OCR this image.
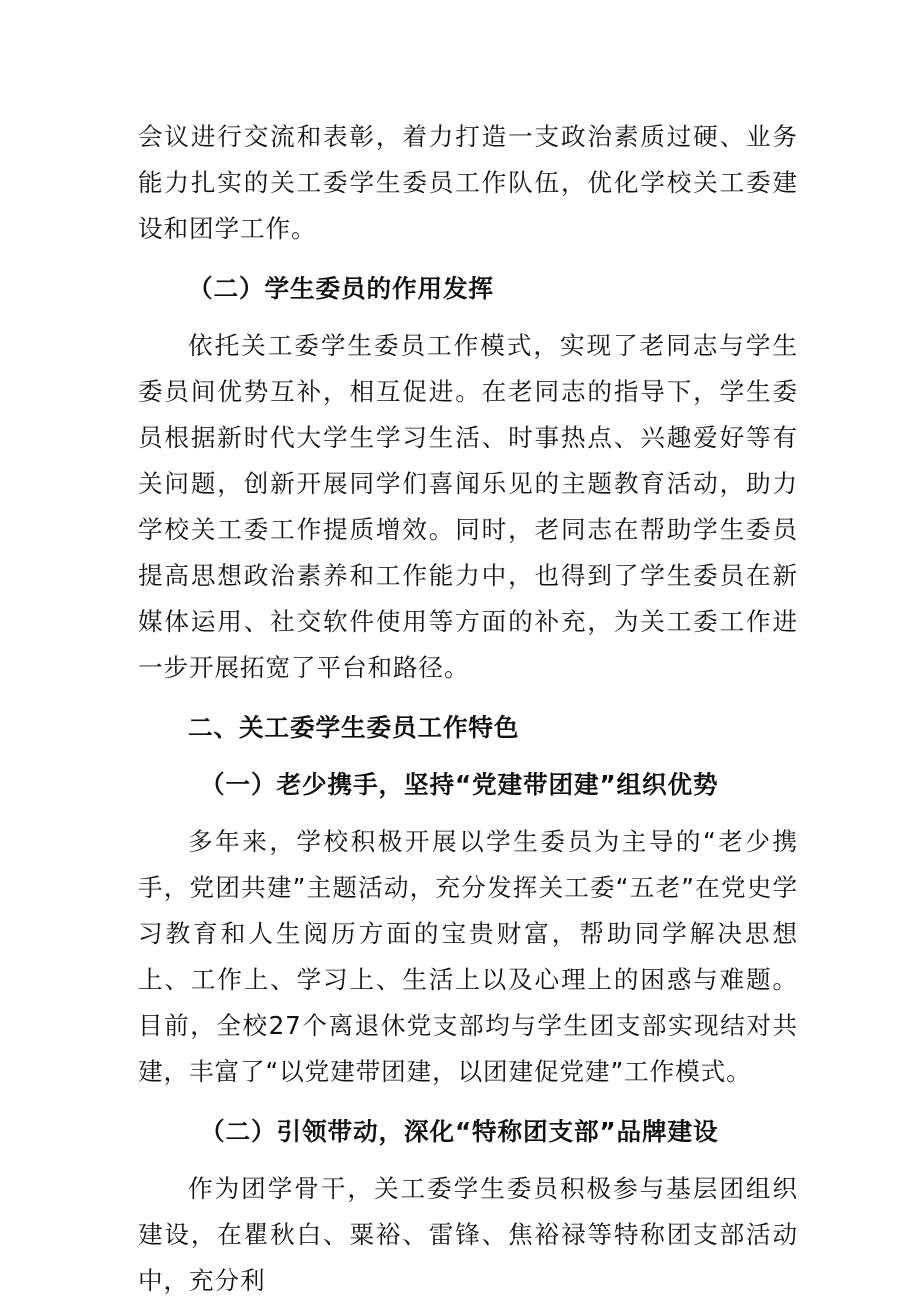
会议进行交流和表彰，着力打造一支政治素质过硬、业务能力扎实的关工委学生委员工作队伍，优化学校关工委建设和团学工作。

（二）学生委员的作用发挥

依托关工委学生委员工作模式，实现了老同志与学生委员间优势互补，相互促进。在老同志的指导下，学生委员根据新时代大学生学习生活、时事热点、兴趣爱好等有关问题，创新开展同学们喜闻乐见的主题教育活动，助力学校关工委工作提质增效。同时，老同志在帮助学生委员提高思想政治素养和工作能力中，也得到了学生委员在新媒体运用、社交软件使用等方面的补充，为关工委工作进一步开展拓宽了平台和路径。

二、关工委学生委员工作特色

（一）老少携手，坚持“党建带团建”组织优势

多年来，学校积极开展以学生委员为主导的“老少携手，党团共建”主题活动，充分发挥关工委“五老”在党史学习教育和人生阅历方面的宝贵财富，帮助同学解决思想上、工作上、学习上、生活上以及心理上的困惑与难题。目前，全校27个离退休党支部均与学生团支部实现结对共建，丰富了“以党建带团建，以团建促党建”工作模式。

（二）引领带动，深化“特称团支部”品牌建设

作为团学骨干，关工委学生委员积极参与基层团组织建设，在瞿秋白、粟裕、雷锋、焦裕禄等特称团支部活动中，充分利
